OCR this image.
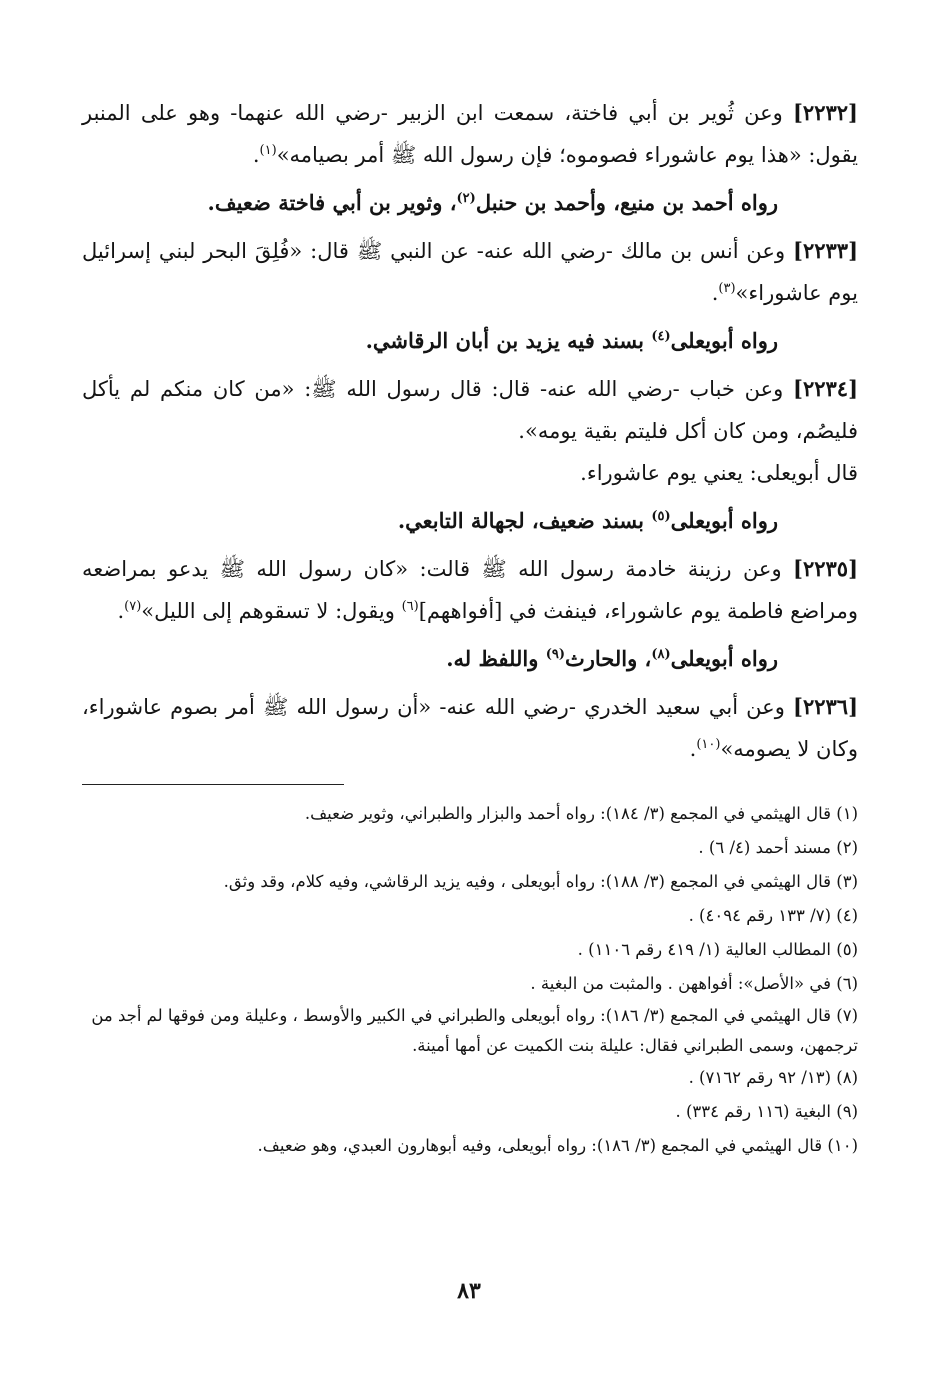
[٢٢٣٢] وعن ثُوير بن أبي فاختة، سمعت ابن الزبير -رضي الله عنهما- وهو على المنبر يقول: «هذا يوم عاشوراء فصوموه؛ فإن رسول الله ﷺ أمر بصيامه»$^{(١)}$.

رواه أحمد بن منيع، وأحمد بن حنبل$^{(٢)}$، وثوير بن أبي فاختة ضعيف.

[٢٢٣٣] وعن أنس بن مالك -رضي الله عنه- عن النبي ﷺ قال: «فُلِقَ البحر لبني إسرائيل يوم عاشوراء»$^{(٣)}$.

رواه أبويعلى$^{(٤)}$ بسند فيه يزيد بن أبان الرقاشي.

[٢٢٣٤] وعن خباب -رضي الله عنه- قال: قال رسول الله ﷺ: «من كان منكم لم يأكل فليصُم، ومن كان أكل فليتم بقية يومه».

قال أبويعلى: يعني يوم عاشوراء.

رواه أبويعلى$^{(٥)}$ بسند ضعيف، لجهالة التابعي.

[٢٢٣٥] وعن رزينة خادمة رسول الله ﷺ قالت: «كان رسول الله ﷺ يدعو بمراضعه ومراضع فاطمة يوم عاشوراء، فينفث في [أفواههم]$^{(٦)}$ ويقول: لا تسقوهم إلى الليل»$^{(٧)}$.

رواه أبويعلى$^{(٨)}$، والحارث$^{(٩)}$ واللفظ له.

[٢٢٣٦] وعن أبي سعيد الخدري -رضي الله عنه- «أن رسول الله ﷺ أمر بصوم عاشوراء، وكان لا يصومه»$^{(١٠)}$.

(١) قال الهيثمي في المجمع (٣/ ١٨٤): رواه أحمد والبزار والطبراني، وثوير ضعيف.

(٢) مسند أحمد (٤/ ٦) .

(٣) قال الهيثمي في المجمع (٣/ ١٨٨): رواه أبويعلى ، وفيه يزيد الرقاشي، وفيه كلام، وقد وثق.

(٤) (٧/ ١٣٣ رقم ٤٠٩٤) .

(٥) المطالب العالية (١/ ٤١٩ رقم ١١٠٦) .

(٦) في «الأصل»: أفواههن . والمثبت من البغية .

(٧) قال الهيثمي في المجمع (٣/ ١٨٦): رواه أبويعلى والطبراني في الكبير والأوسط ، وعليلة ومن فوقها لم أجد من ترجمهن، وسمى الطبراني فقال: عليلة بنت الكميت عن أمها أمينة.

(٨) (١٣/ ٩٢ رقم ٧١٦٢) .

(٩) البغية (١١٦ رقم ٣٣٤) .

(١٠) قال الهيثمي في المجمع (٣/ ١٨٦): رواه أبويعلى، وفيه أبوهارون العبدي، وهو ضعيف.

٨٣
